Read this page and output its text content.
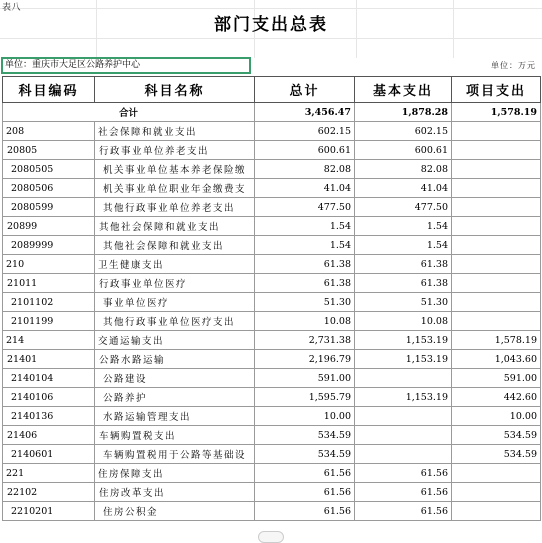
表八
部门支出总表
单位：重庆市大足区公路养护中心	单位：万元
科目编码	科目名称	总计	基本支出	项目支出
合计		3,456.47	1,878.28	1,578.19
208	社会保障和就业支出	602.15	602.15	
20805	行政事业单位养老支出	600.61	600.61	
2080505	机关事业单位基本养老保险缴	82.08	82.08	
2080506	机关事业单位职业年金缴费支	41.04	41.04	
2080599	其他行政事业单位养老支出	477.50	477.50	
20899	其他社会保障和就业支出	1.54	1.54	
2089999	其他社会保障和就业支出	1.54	1.54	
210	卫生健康支出	61.38	61.38	
21011	行政事业单位医疗	61.38	61.38	
2101102	事业单位医疗	51.30	51.30	
2101199	其他行政事业单位医疗支出	10.08	10.08	
214	交通运输支出	2,731.38	1,153.19	1,578.19
21401	公路水路运输	2,196.79	1,153.19	1,043.60
2140104	公路建设	591.00		591.00
2140106	公路养护	1,595.79	1,153.19	442.60
2140136	水路运输管理支出	10.00		10.00
21406	车辆购置税支出	534.59		534.59
2140601	车辆购置税用于公路等基础设	534.59		534.59
221	住房保障支出	61.56	61.56	
22102	住房改革支出	61.56	61.56	
2210201	住房公积金	61.56	61.56	
